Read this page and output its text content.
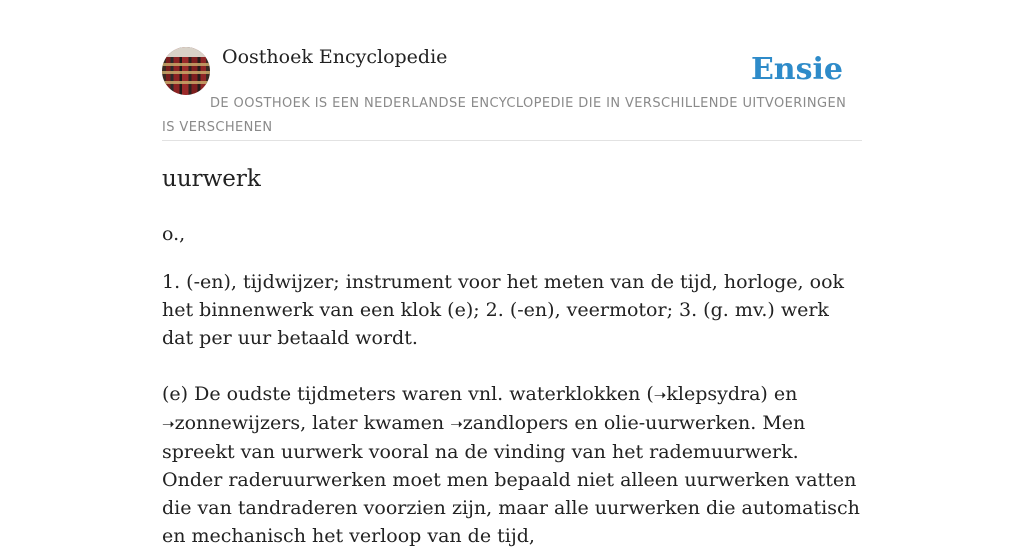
Oosthoek Encyclopedie	Ensie
DE OOSTHOEK IS EEN NEDERLANDSE ENCYCLOPEDIE DIE IN VERSCHILLENDE UITVOERINGEN IS VERSCHENEN
uurwerk

o.,

1. (-en), tijdwijzer; instrument voor het meten van de tijd, horloge, ook het binnenwerk van een klok (e); 2. (-en), veermotor; 3. (g. mv.) werk dat per uur betaald wordt.

(e) De oudste tijdmeters waren vnl. waterklokken (➝klepsydra) en ➝zonnewijzers, later kwamen ➝zandlopers en olie-uurwerken. Men spreekt van uurwerk vooral na de vinding van het rademuurwerk. Onder raderuurwerken moet men bepaald niet alleen uurwerken vatten die van tandraderen voorzien zijn, maar alle uurwerken die automatisch en mechanisch het verloop van de tijd,
